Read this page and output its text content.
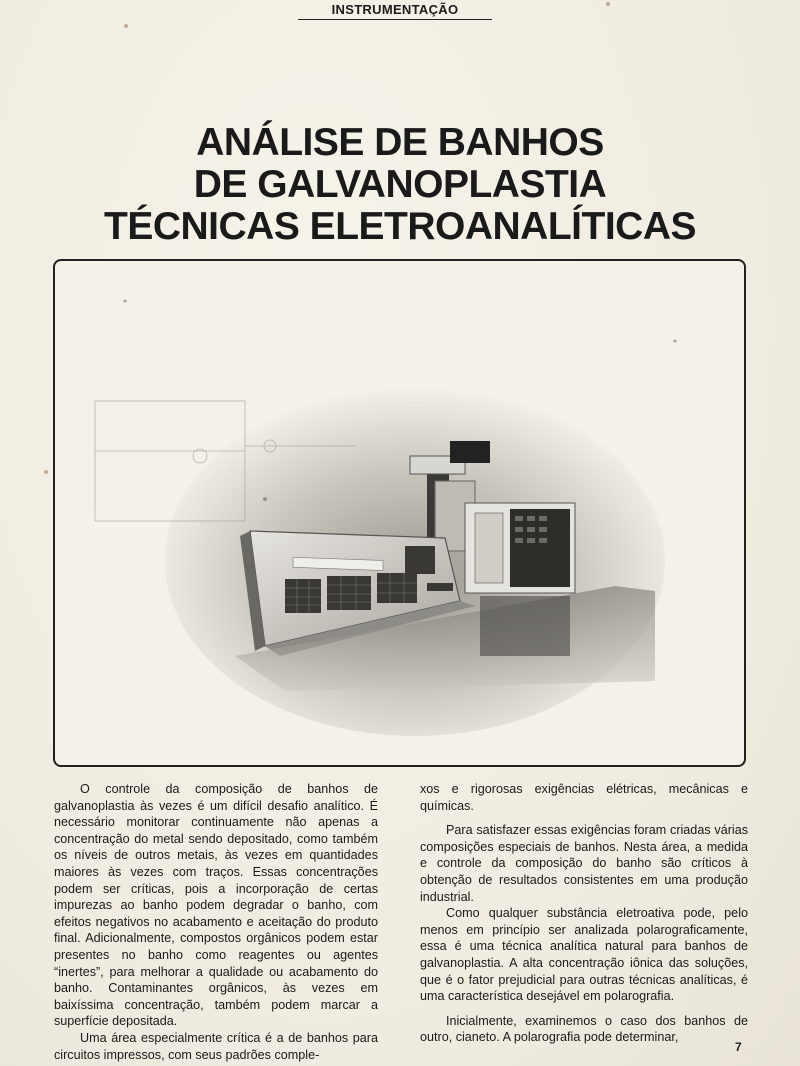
INSTRUMENTAÇÃO
ANÁLISE DE BANHOS
DE GALVANOPLASTIA
TÉCNICAS ELETROANALÍTICAS

O controle da composição de banhos de galvanoplastia às vezes é um difícil desafio analítico. É necessário monitorar continuamente não apenas a concentração do metal sendo depositado, como também os níveis de outros metais, às vezes em quantidades maiores às vezes com traços. Essas concentrações podem ser críticas, pois a incorporação de certas impurezas ao banho podem degradar o banho, com efeitos negativos no acabamento e aceitação do produto final. Adicionalmente, compostos orgânicos podem estar presentes no banho como reagentes ou agentes “inertes”, para melhorar a qualidade ou acabamento do banho. Contaminantes orgânicos, às vezes em baixíssima concentração, também podem marcar a superfície depositada.

Uma área especialmente crítica é a de banhos para circuitos impressos, com seus padrões comple-

xos e rigorosas exigências elétricas, mecânicas e químicas.

Para satisfazer essas exigências foram criadas várias composições especiais de banhos. Nesta área, a medida e controle da composição do banho são críticos à obtenção de resultados consistentes em uma produção industrial.

Como qualquer substância eletroativa pode, pelo menos em princípio ser analizada polarograficamente, essa é uma técnica analítica natural para banhos de galvanoplastia. A alta concentração iônica das soluções, que é o fator prejudicial para outras técnicas analíticas, é uma característica desejável em polarografia.

Inicialmente, examinemos o caso dos banhos de outro, cianeto. A polarografia pode determinar,

7
